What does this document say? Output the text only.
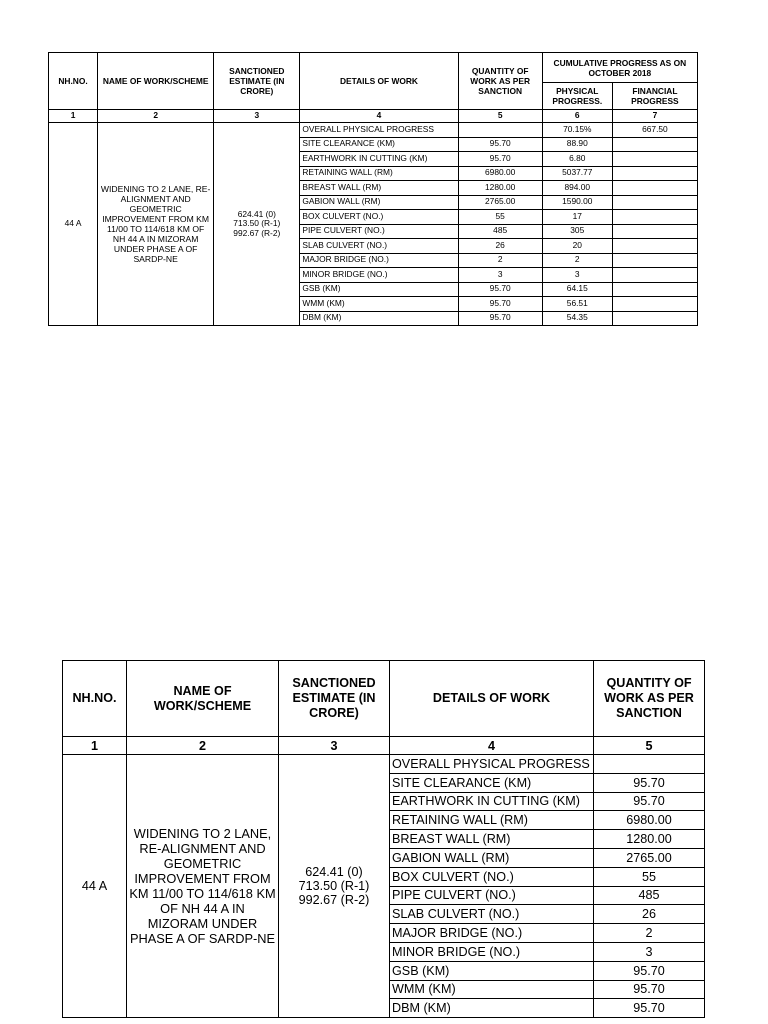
NH.NO.	NAME OF WORK/SCHEME	SANCTIONED ESTIMATE (IN CRORE)	DETAILS OF WORK	QUANTITY OF WORK AS PER SANCTION	CUMULATIVE PROGRESS AS ON OCTOBER 2018	
					PHYSICAL PROGRESS.	FINANCIAL PROGRESS
1	2	3	4	5	6	7
44 A	WIDENING TO 2 LANE, RE-ALIGNMENT AND GEOMETRIC IMPROVEMENT FROM KM 11/00 TO 114/618 KM OF NH 44 A IN MIZORAM UNDER PHASE A OF SARDP-NE	624.41 (0)
713.50 (R-1)
992.67 (R-2)	OVERALL PHYSICAL PROGRESS		70.15%	667.50
			SITE CLEARANCE (KM)	95.70	88.90	
			EARTHWORK IN CUTTING (KM)	95.70	6.80	
			RETAINING WALL (RM)	6980.00	5037.77	
			BREAST WALL (RM)	1280.00	894.00	
			GABION WALL (RM)	2765.00	1590.00	
			BOX CULVERT (NO.)	55	17	
			PIPE CULVERT (NO.)	485	305	
			SLAB CULVERT (NO.)	26	20	
			MAJOR BRIDGE (NO.)	2	2	
			MINOR BRIDGE (NO.)	3	3	
			GSB (KM)	95.70	64.15	
			WMM (KM)	95.70	56.51	
			DBM (KM)	95.70	54.35	
NH.NO.	NAME OF WORK/SCHEME	SANCTIONED ESTIMATE (IN CRORE)	DETAILS OF WORK	QUANTITY OF WORK AS PER SANCTION
1	2	3	4	5
44 A	WIDENING TO 2 LANE, RE-ALIGNMENT AND GEOMETRIC IMPROVEMENT FROM KM 11/00 TO 114/618 KM OF NH 44 A IN MIZORAM UNDER PHASE A OF SARDP-NE	624.41 (0)
713.50 (R-1)
992.67 (R-2)	OVERALL PHYSICAL PROGRESS	
			SITE CLEARANCE (KM)	95.70
			EARTHWORK IN CUTTING (KM)	95.70
			RETAINING WALL (RM)	6980.00
			BREAST WALL (RM)	1280.00
			GABION WALL (RM)	2765.00
			BOX CULVERT (NO.)	55
			PIPE CULVERT (NO.)	485
			SLAB CULVERT (NO.)	26
			MAJOR BRIDGE (NO.)	2
			MINOR BRIDGE (NO.)	3
			GSB (KM)	95.70
			WMM (KM)	95.70
			DBM (KM)	95.70
